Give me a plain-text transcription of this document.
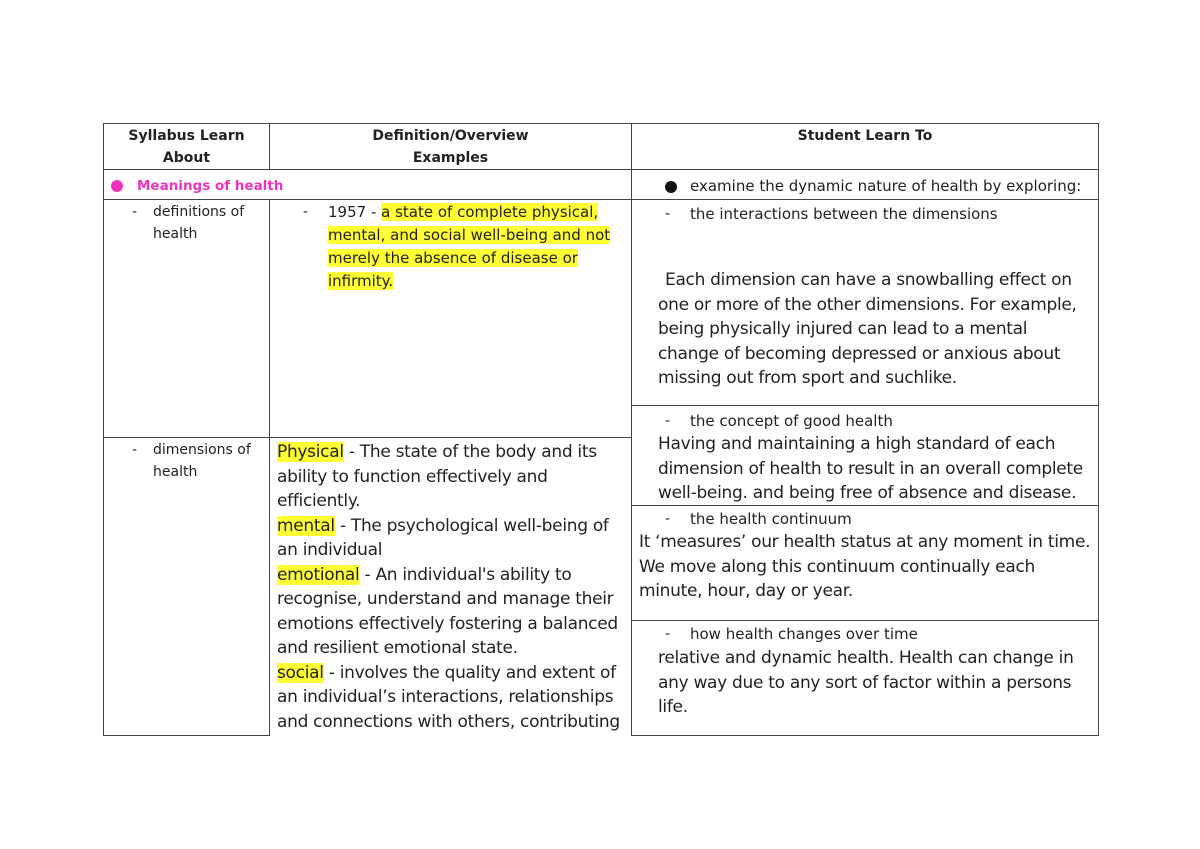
Syllabus Learn
About
Definition/Overview
Examples
Student Learn To
Meanings of health	examine the dynamic nature of health by exploring:
- definitions of
health
- 1957 - a state of complete physical,
mental, and social well-being and not
merely the absence of disease or
infirmity.
- dimensions of
health
Physical - The state of the body and its
ability to function effectively and
efficiently.
mental - The psychological well-being of
an individual
emotional - An individual's ability to
recognise, understand and manage their
emotions effectively fostering a balanced
and resilient emotional state.
social - involves the quality and extent of
an individual’s interactions, relationships
and connections with others, contributing
- the interactions between the dimensions
Each dimension can have a snowballing effect on
one or more of the other dimensions. For example,
being physically injured can lead to a mental
change of becoming depressed or anxious about
missing out from sport and suchlike.
- the concept of good health
Having and maintaining a high standard of each
dimension of health to result in an overall complete
well-being. and being free of absence and disease.
- the health continuum
It ‘measures’ our health status at any moment in time.
We move along this continuum continually each
minute, hour, day or year.
- how health changes over time
relative and dynamic health. Health can change in
any way due to any sort of factor within a persons
life.
